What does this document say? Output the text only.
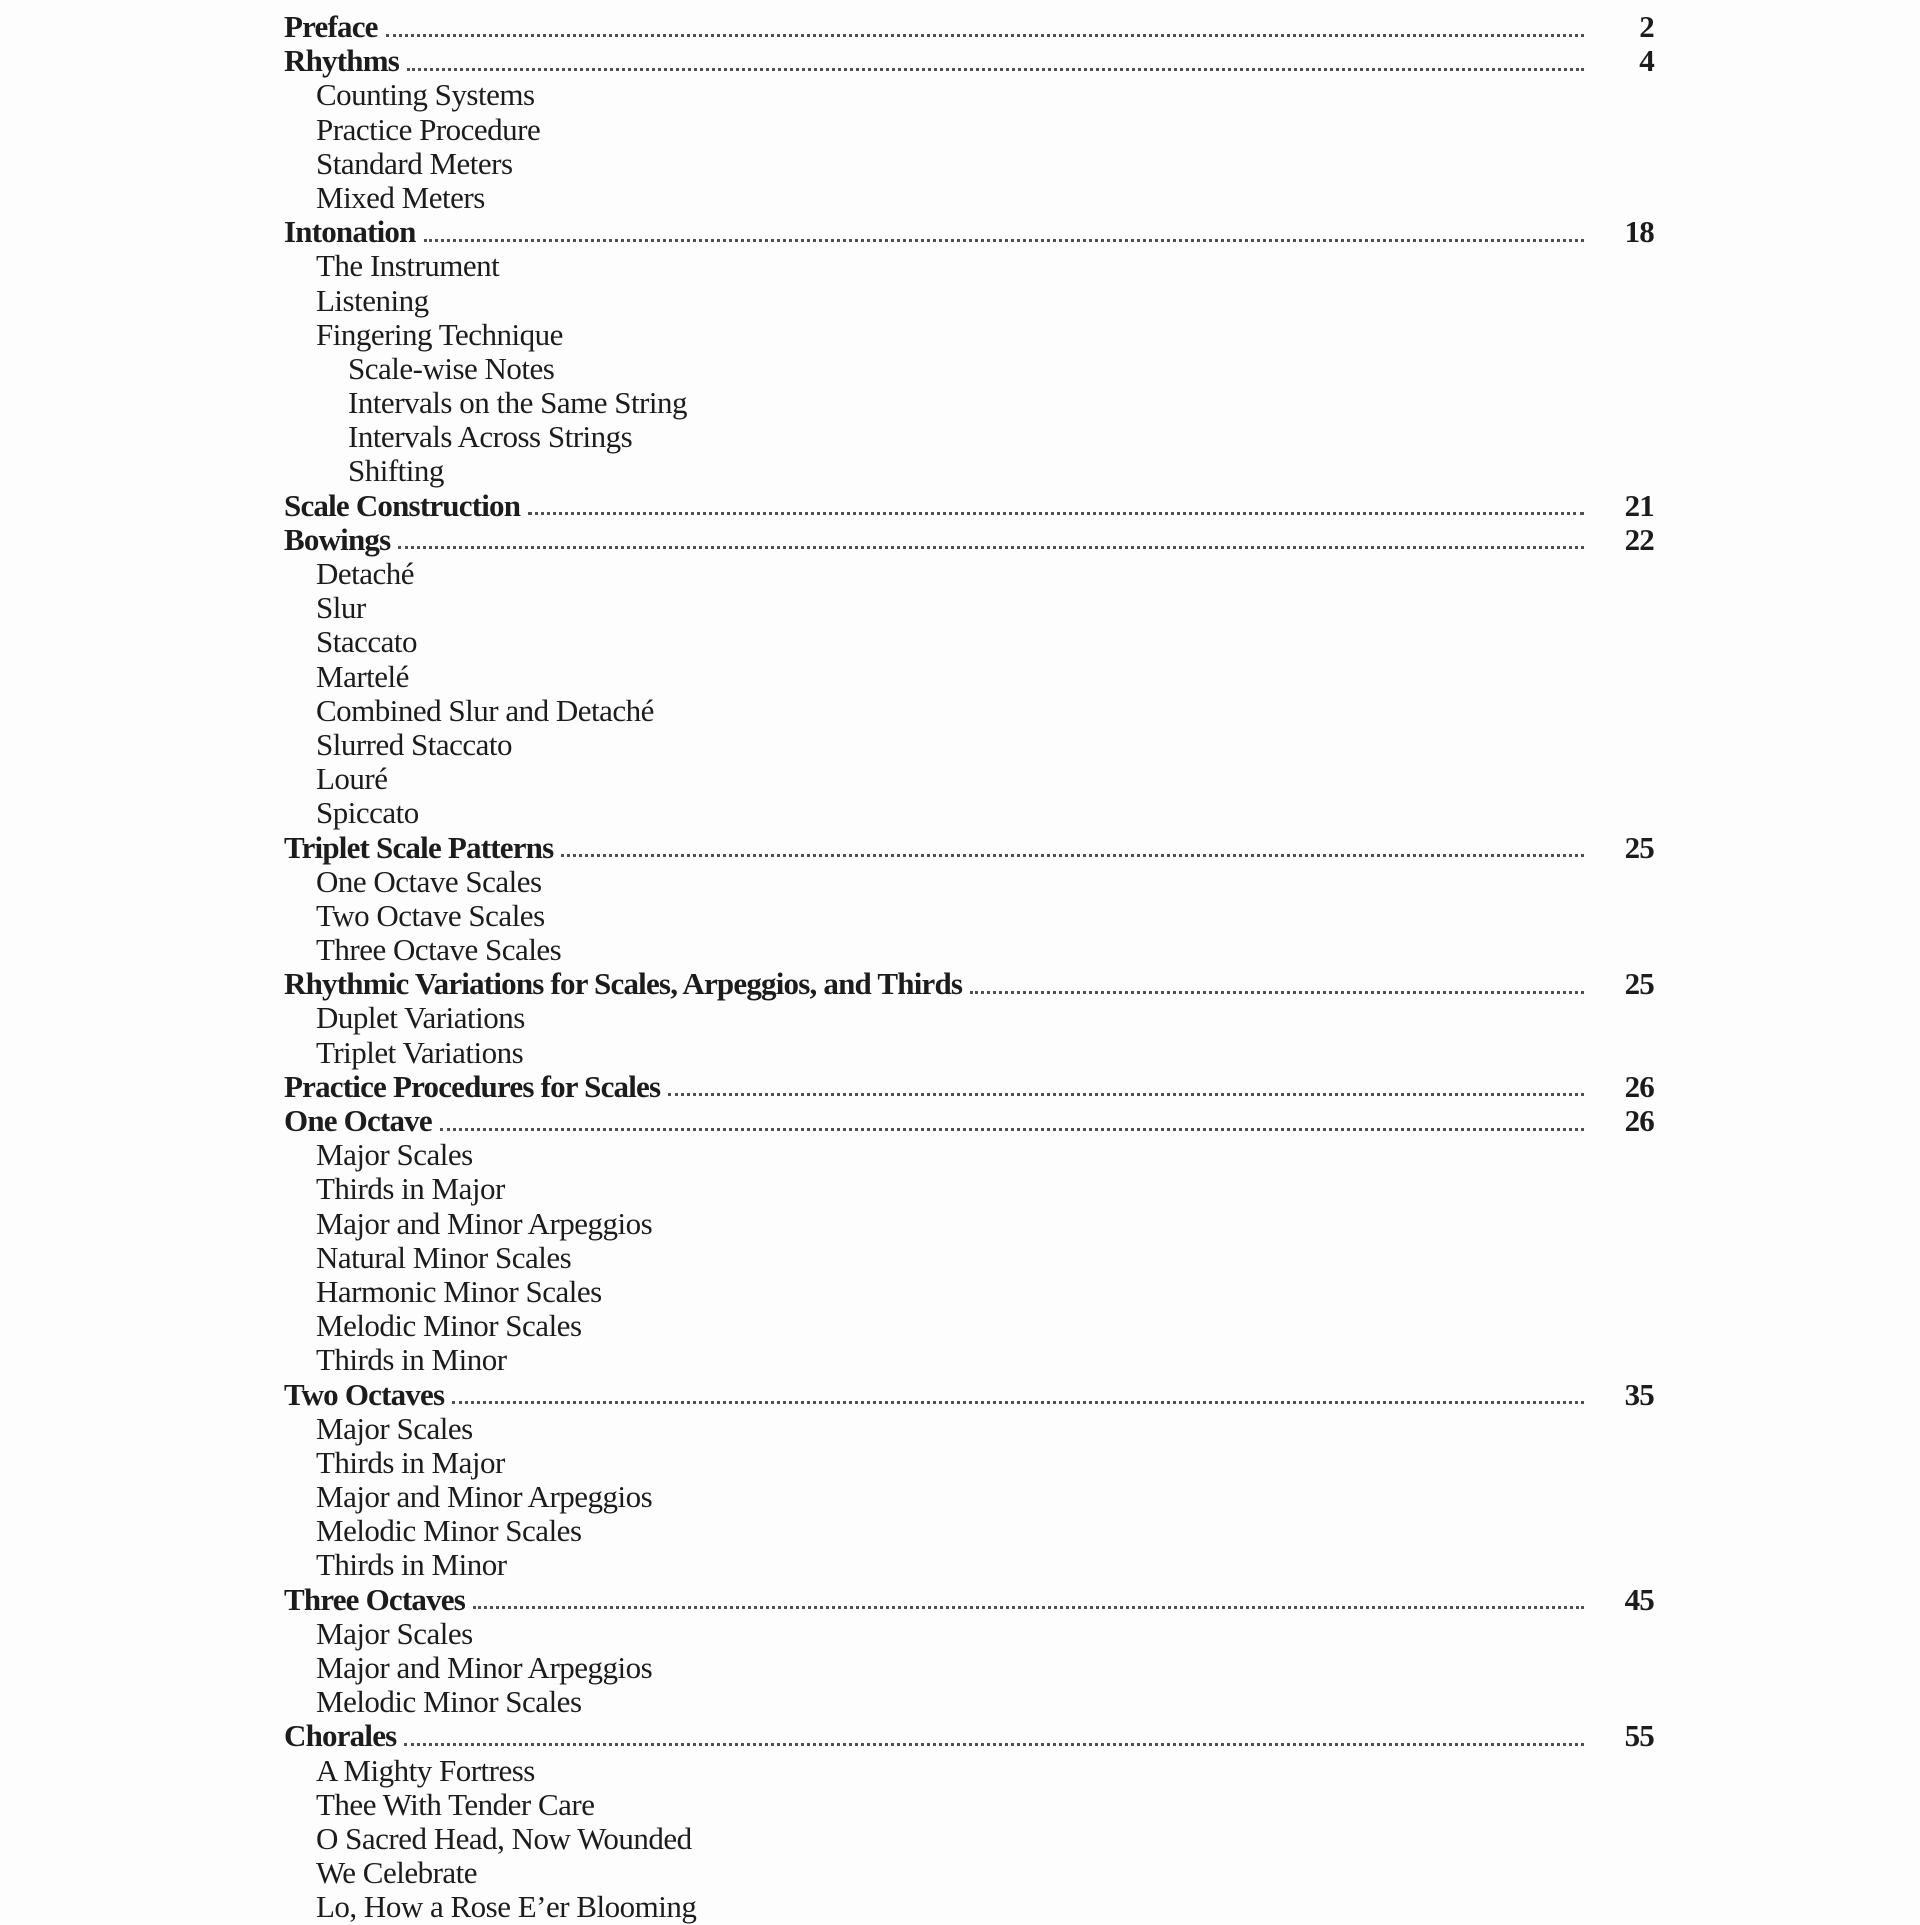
Preface	2
Rhythms	4
Counting Systems
Practice Procedure
Standard Meters
Mixed Meters
Intonation	18
The Instrument
Listening
Fingering Technique
Scale-wise Notes
Intervals on the Same String
Intervals Across Strings
Shifting
Scale Construction	21
Bowings	22
Detaché
Slur
Staccato
Martelé
Combined Slur and Detaché
Slurred Staccato
Louré
Spiccato
Triplet Scale Patterns	25
One Octave Scales
Two Octave Scales
Three Octave Scales
Rhythmic Variations for Scales, Arpeggios, and Thirds	25
Duplet Variations
Triplet Variations
Practice Procedures for Scales	26
One Octave	26
Major Scales
Thirds in Major
Major and Minor Arpeggios
Natural Minor Scales
Harmonic Minor Scales
Melodic Minor Scales
Thirds in Minor
Two Octaves	35
Major Scales
Thirds in Major
Major and Minor Arpeggios
Melodic Minor Scales
Thirds in Minor
Three Octaves	45
Major Scales
Major and Minor Arpeggios
Melodic Minor Scales
Chorales	55
A Mighty Fortress
Thee With Tender Care
O Sacred Head, Now Wounded
We Celebrate
Lo, How a Rose E’er Blooming
